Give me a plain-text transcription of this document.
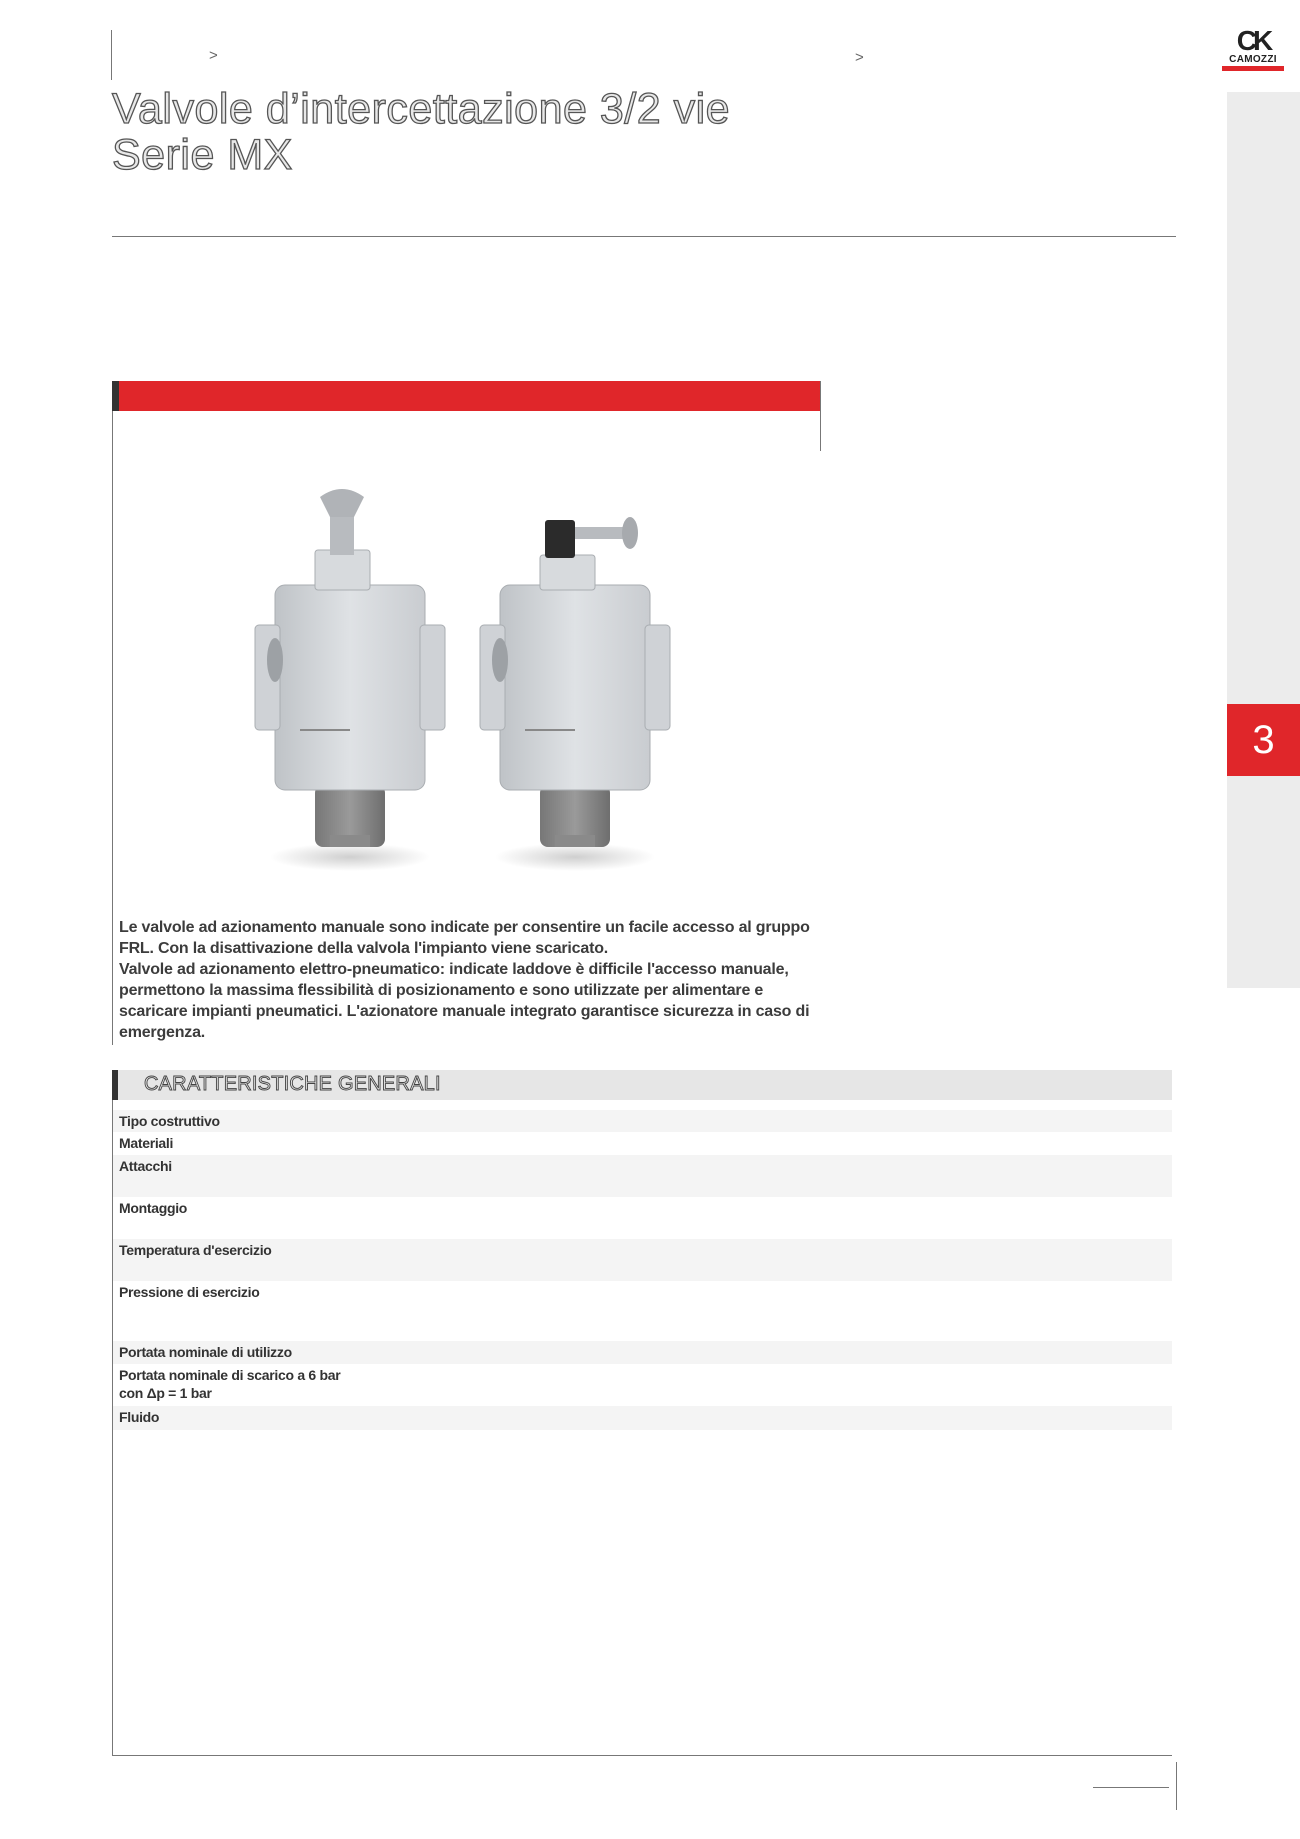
>	>
Valvole d’intercettazione 3/2 vie
Serie MX
CK
CAMOZZI
3

Le valvole ad azionamento manuale sono indicate per consentire un facile accesso al gruppo FRL. Con la disattivazione della valvola l'impianto viene scaricato.

Valvole ad azionamento elettro-pneumatico: indicate laddove è difficile l'accesso manuale, permettono la massima flessibilità di posizionamento e sono utilizzate per alimentare e scaricare impianti pneumatici. L'azionatore manuale integrato garantisce sicurezza in caso di emergenza.

CARATTERISTICHE GENERALI
Tipo costruttivo
Materiali
Attacchi
Montaggio
Temperatura d'esercizio
Pressione di esercizio
Portata nominale di utilizzo
Portata nominale di scarico a 6 bar
con Δp = 1 bar
Fluido
